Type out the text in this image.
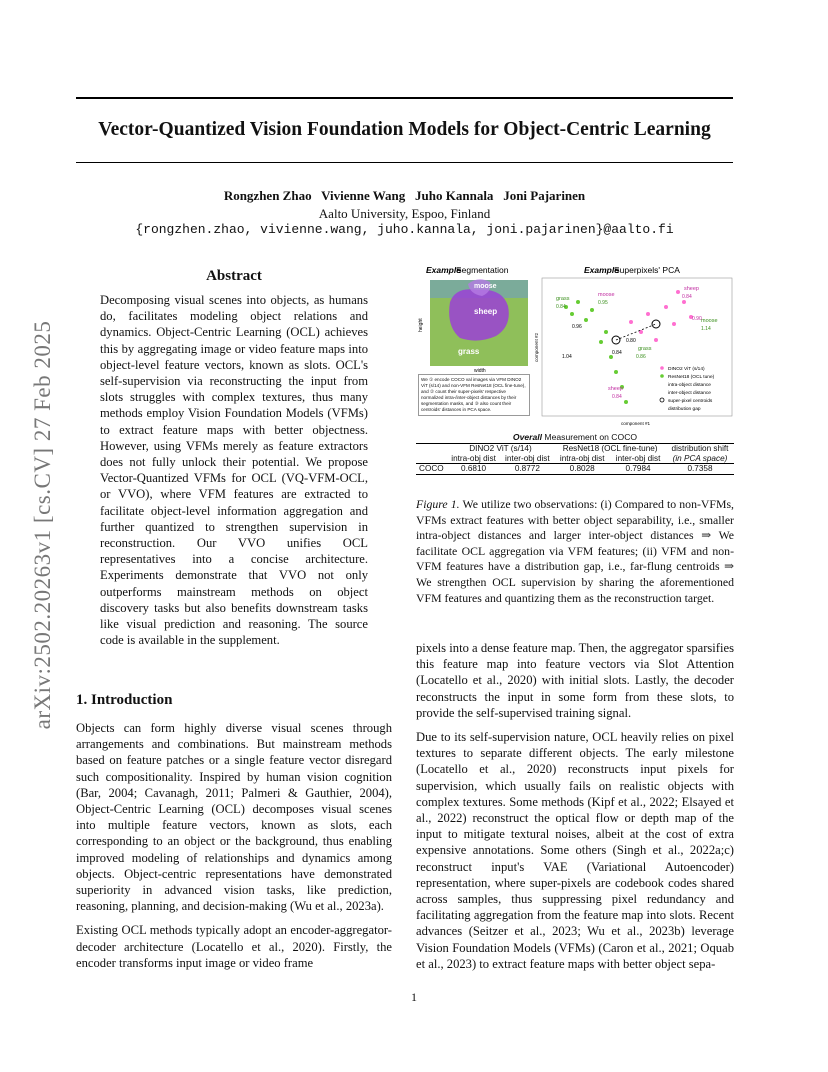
arXiv:2502.20263v1 [cs.CV] 27 Feb 2025
Vector-Quantized Vision Foundation Models for Object-Centric Learning
Rongzhen Zhao Vivienne Wang Juho Kannala Joni Pajarinen
Aalto University, Espoo, Finland
{rongzhen.zhao, vivienne.wang, juho.kannala, joni.pajarinen}@aalto.fi
Abstract

Decomposing visual scenes into objects, as humans do, facilitates modeling object relations and dynamics. Object-Centric Learning (OCL) achieves this by aggregating image or video feature maps into object-level feature vectors, known as slots. OCL's self-supervision via reconstructing the input from slots struggles with complex textures, thus many methods employ Vision Foundation Models (VFMs) to extract feature maps with better objectness. However, using VFMs merely as feature extractors does not fully unlock their potential. We propose Vector-Quantized VFMs for OCL (VQ-VFM-OCL, or VVO), where VFM features are extracted to facilitate object-level information aggregation and further quantized to strengthen supervision in reconstruction. Our VVO unifies OCL representatives into a concise architecture. Experiments demonstrate that VVO not only outperforms mainstream methods on object discovery tasks but also benefits downstream tasks like visual prediction and reasoning. The source code is available in the supplement.

1. Introduction

Objects can form highly diverse visual scenes through arrangements and combinations. But mainstream methods based on feature patches or a single feature vector disregard such compositionality. Inspired by human vision cognition (Bar, 2004; Cavanagh, 2011; Palmeri & Gauthier, 2004), Object-Centric Learning (OCL) decomposes visual scenes into multiple feature vectors, known as slots, each corresponding to an object or the background, thus enabling improved modeling of relationships and dynamics among objects. Object-centric representations have demonstrated superiority in advanced vision tasks, like prediction, reasoning, planning, and decision-making (Wu et al., 2023a).

Existing OCL methods typically adopt an encoder-aggregator-decoder architecture (Locatello et al., 2020). Firstly, the encoder transforms input image or video frame

Example
Segmentation	Example
Superpixels' PCA
moose
sheep
grass
height
width
We ① encode COCO val images via VFM DINO2 ViT (s/14) and non-VFM ResNet18 (OCL fine-tune), and ② count their super-pixels' respective normalized intra-/inter-object distances by their segmentation masks, and ③ also count their centroids' distances in PCA space.
grass
moose
sheep
sheep
grass
moose
0.84
0.90
0.95
0.80
1.14
0.84
0.86
0.96
1.04
0.84
0.84
component #2
component #1
DINO2 ViT (s/14)
ResNet18 (OCL tune)
intra-object distance
inter-object distance
super-pixel centroids
distribution gap
Overall Measurement on COCO
	DINO2 ViT (s/14)		ResNet18 (OCL fine-tune)		distribution shift
	intra-obj dist	inter-obj dist	intra-obj dist	inter-obj dist	(in PCA space)
COCO	0.6810	0.8772	0.8028	0.7984	0.7358
Figure 1. We utilize two observations: (i) Compared to non-VFMs, VFMs extract features with better object separability, i.e., smaller intra-object distances and larger inter-object distances ⇒ We facilitate OCL aggregation via VFM features; (ii) VFM and non-VFM features have a distribution gap, i.e., far-flung centroids ⇒ We strengthen OCL supervision by sharing the aforementioned VFM features and quantizing them as the reconstruction target.

pixels into a dense feature map. Then, the aggregator sparsifies this feature map into feature vectors via Slot Attention (Locatello et al., 2020) with initial slots. Lastly, the decoder reconstructs the input in some form from these slots, to provide the self-supervised training signal.

Due to its self-supervision nature, OCL heavily relies on pixel textures to separate different objects. The early milestone (Locatello et al., 2020) reconstructs input pixels for supervision, which usually fails on realistic objects with complex textures. Some methods (Kipf et al., 2022; Elsayed et al., 2022) reconstruct the optical flow or depth map of the input to mitigate textural noises, albeit at the cost of extra expensive annotations. Some others (Singh et al., 2022a;c) reconstruct input's VAE (Variational Autoencoder) representation, where super-pixels are codebook codes shared across samples, thus suppressing pixel redundancy and facilitating aggregation from the feature map into slots. Recent advances (Seitzer et al., 2023; Wu et al., 2023b) leverage Vision Foundation Models (VFMs) (Caron et al., 2021; Oquab et al., 2023) to extract feature maps with better object sepa-

1
